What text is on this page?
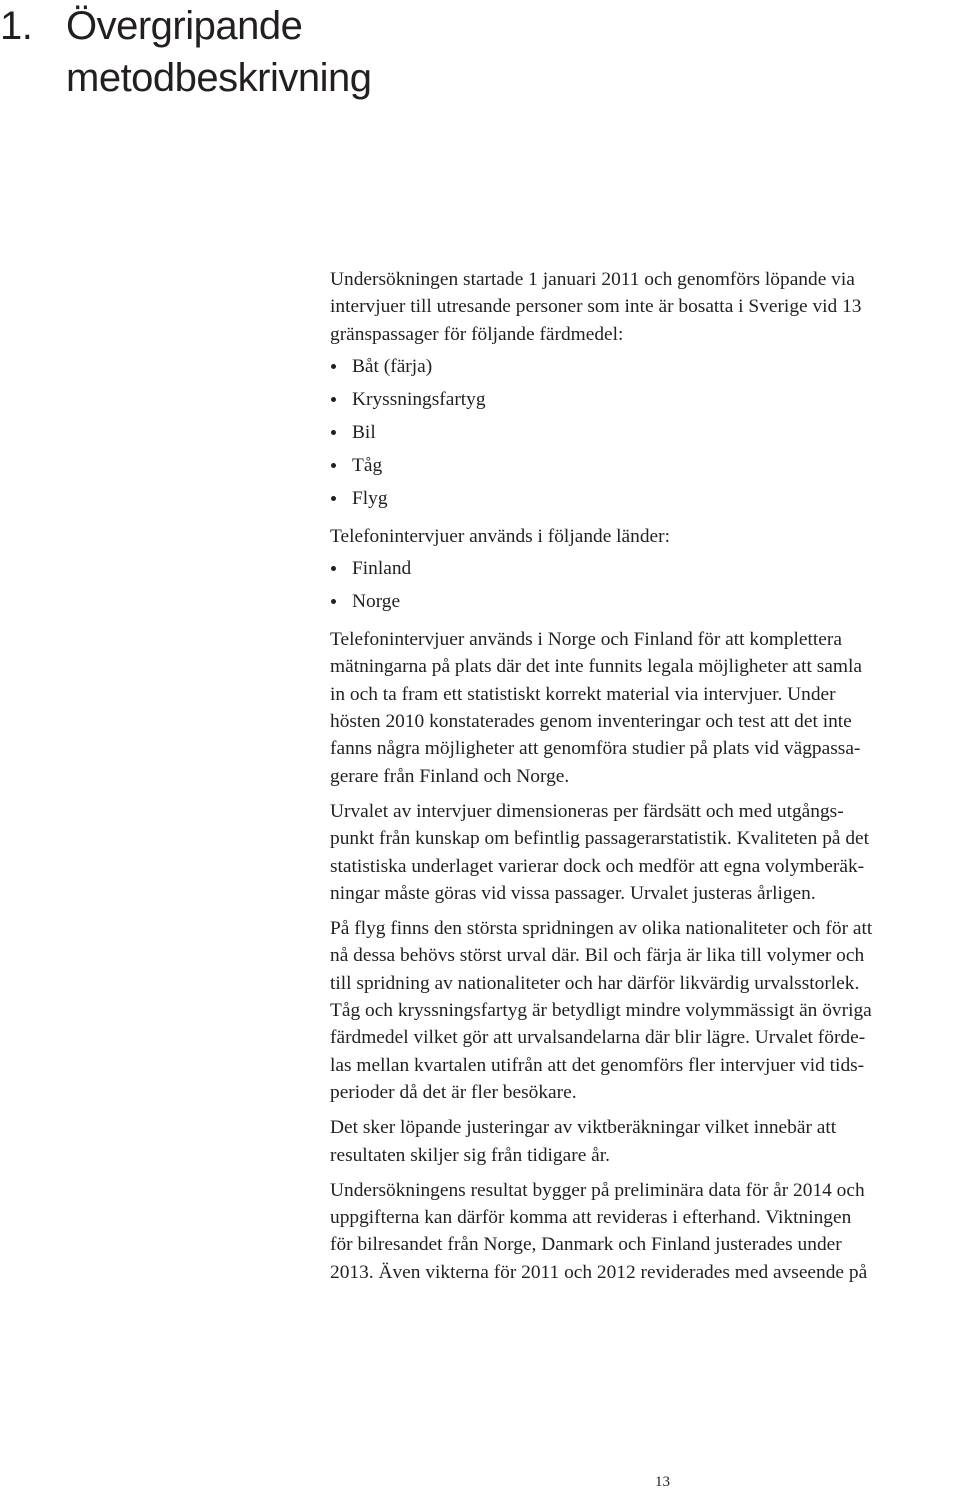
1. Övergripande
metodbeskrivning

Undersökningen startade 1 januari 2011 och genomförs löpande via
intervjuer till utresande personer som inte är bosatta i Sverige vid 13
gränspassager för följande färdmedel:

Båt (färja)
Kryssningsfartyg
Bil
Tåg
Flyg

Telefonintervjuer används i följande länder:

Finland
Norge

Telefonintervjuer används i Norge och Finland för att komplettera
mätningarna på plats där det inte funnits legala möjligheter att samla
in och ta fram ett statistiskt korrekt material via intervjuer. Under
hösten 2010 konstaterades genom inventeringar och test att det inte
fanns några möjligheter att genomföra studier på plats vid vägpassa-
gerare från Finland och Norge.

Urvalet av intervjuer dimensioneras per färdsätt och med utgångs-
punkt från kunskap om befintlig passagerarstatistik. Kvaliteten på det
statistiska underlaget varierar dock och medför att egna volymberäk-
ningar måste göras vid vissa passager. Urvalet justeras årligen.

På flyg finns den största spridningen av olika nationaliteter och för att
nå dessa behövs störst urval där. Bil och färja är lika till volymer och
till spridning av nationaliteter och har därför likvärdig urvalsstorlek.
Tåg och kryssningsfartyg är betydligt mindre volymmässigt än övriga
färdmedel vilket gör att urvalsandelarna där blir lägre. Urvalet förde-
las mellan kvartalen utifrån att det genomförs fler intervjuer vid tids-
perioder då det är fler besökare.

Det sker löpande justeringar av viktberäkningar vilket innebär att
resultaten skiljer sig från tidigare år.

Undersökningens resultat bygger på preliminära data för år 2014 och
uppgifterna kan därför komma att revideras i efterhand. Viktningen
för bilresandet från Norge, Danmark och Finland justerades under
2013. Även vikterna för 2011 och 2012 reviderades med avseende på

13
